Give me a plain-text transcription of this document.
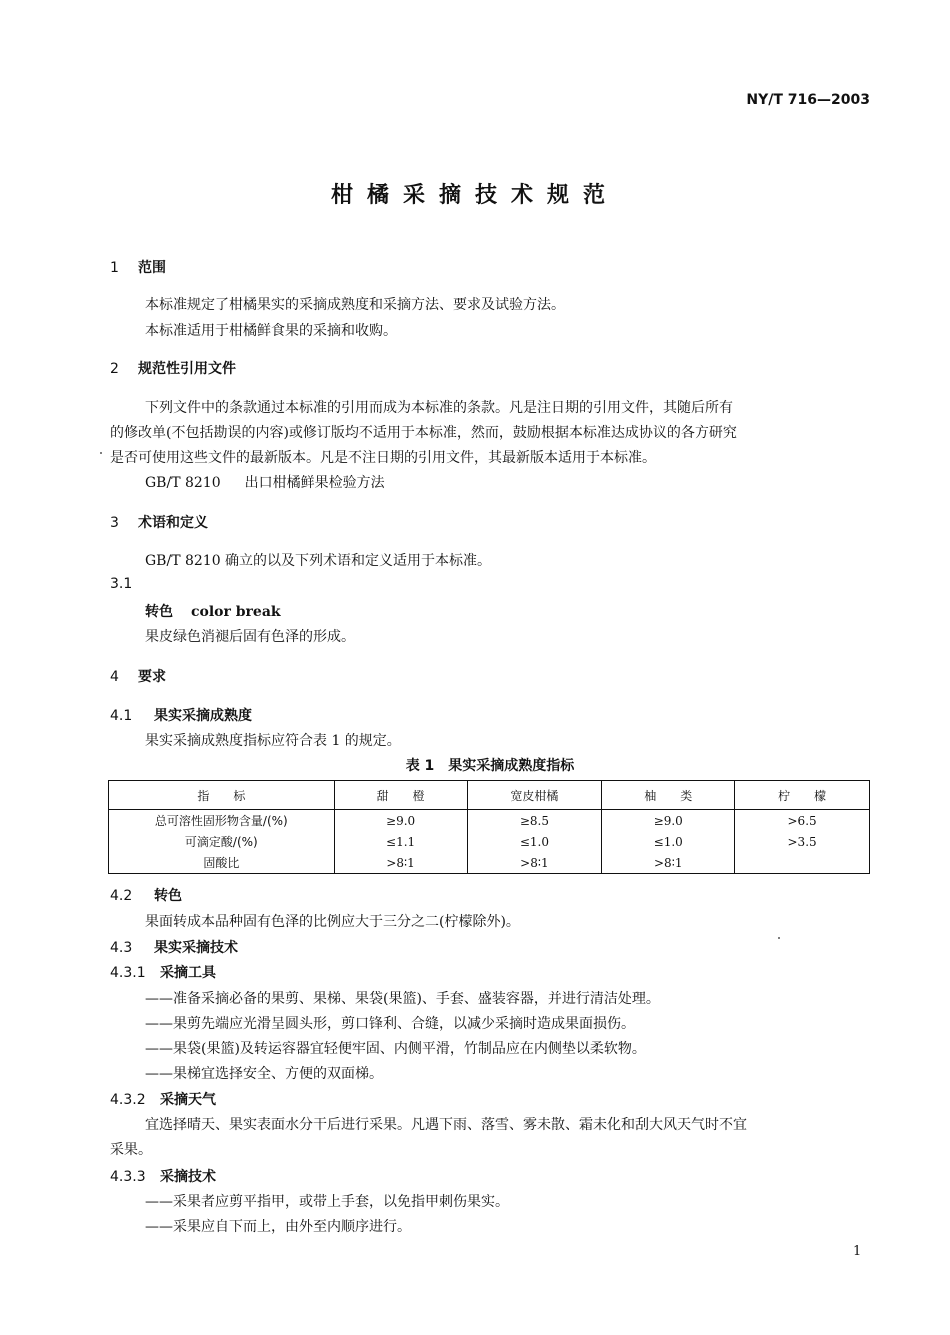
NY/T 716—2003
柑橘采摘技术规范
1 范围
本标准规定了柑橘果实的采摘成熟度和采摘方法、要求及试验方法。
本标准适用于柑橘鲜食果的采摘和收购。
2 规范性引用文件
下列文件中的条款通过本标准的引用而成为本标准的条款。凡是注日期的引用文件，其随后所有
的修改单(不包括勘误的内容)或修订版均不适用于本标准，然而，鼓励根据本标准达成协议的各方研究
是否可使用这些文件的最新版本。凡是不注日期的引用文件，其最新版本适用于本标准。
GB/T 8210 出口柑橘鲜果检验方法
3 术语和定义
GB/T 8210 确立的以及下列术语和定义适用于本标准。
3.1
转色 color break
果皮绿色消褪后固有色泽的形成。
4 要求
4.1 果实采摘成熟度
果实采摘成熟度指标应符合表 1 的规定。
表 1　果实采摘成熟度指标
指　　标	甜　　橙	宽皮柑橘	柚　　类	柠　　檬
总可溶性固形物含量/(%)	≥9.0	≥8.5	≥9.0	>6.5
可滴定酸/(%)	≤1.1	≤1.0	≤1.0	>3.5
固酸比	>8∶1	>8∶1	>8∶1	
4.2 转色
果面转成本品种固有色泽的比例应大于三分之二(柠檬除外)。
4.3 果实采摘技术
4.3.1 采摘工具
——准备采摘必备的果剪、果梯、果袋(果篮)、手套、盛装容器，并进行清洁处理。
——果剪先端应光滑呈圆头形，剪口锋利、合缝，以减少采摘时造成果面损伤。
——果袋(果篮)及转运容器宜轻便牢固、内侧平滑，竹制品应在内侧垫以柔软物。
——果梯宜选择安全、方便的双面梯。
4.3.2 采摘天气
宜选择晴天、果实表面水分干后进行采果。凡遇下雨、落雪、雾未散、霜未化和刮大风天气时不宜
采果。
4.3.3 采摘技术
——采果者应剪平指甲，或带上手套，以免指甲刺伤果实。
——采果应自下而上，由外至内顺序进行。
1
